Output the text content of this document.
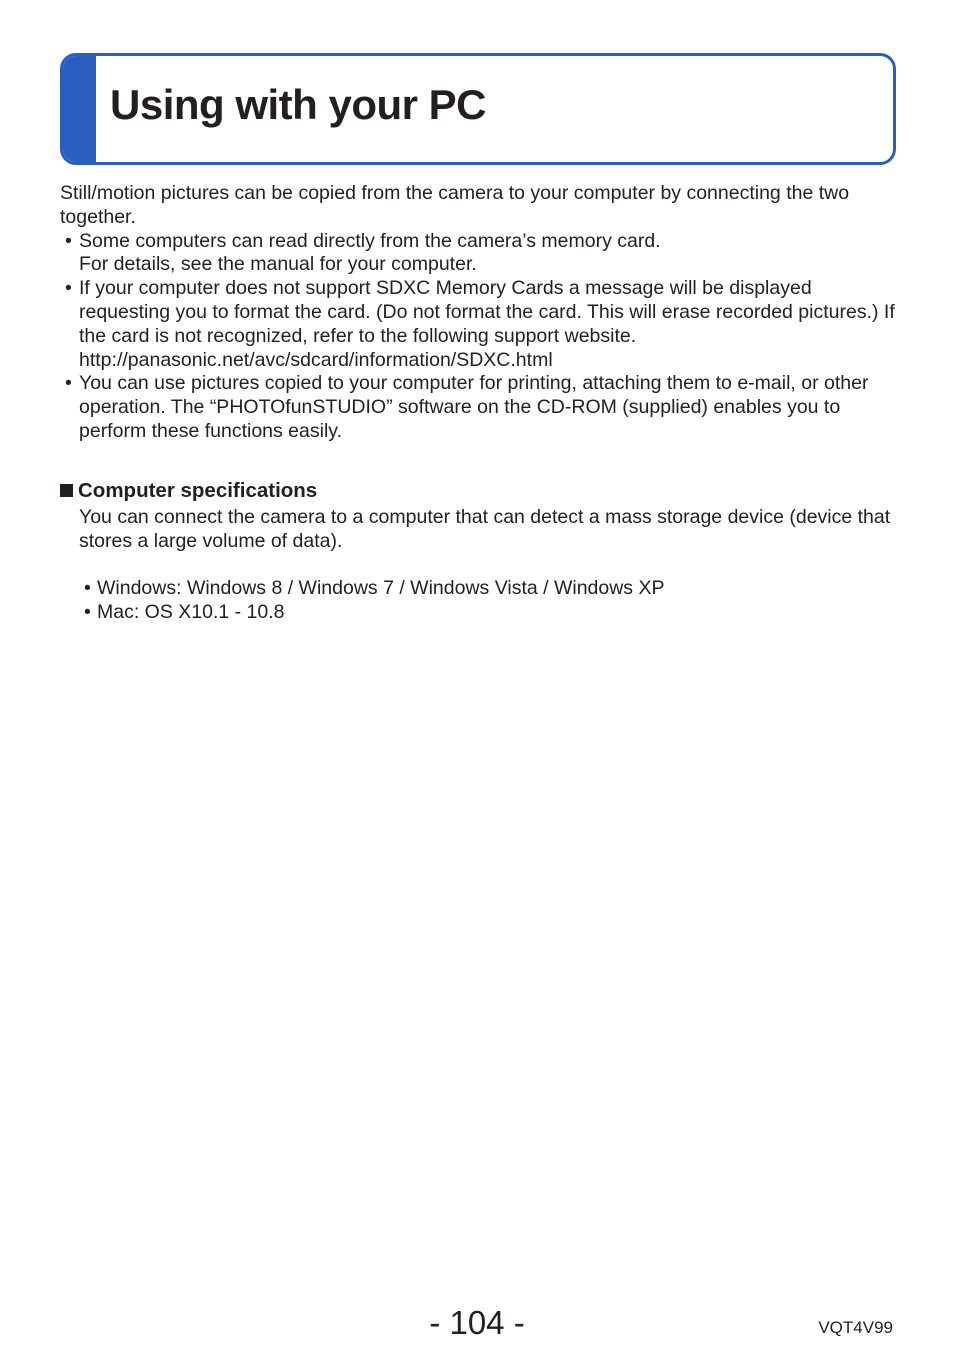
Using with your PC

Still/motion pictures can be copied from the camera to your computer by connecting the two together.

• Some computers can read directly from the camera’s memory card.
For details, see the manual for your computer.
• If your computer does not support SDXC Memory Cards a message will be displayed requesting you to format the card. (Do not format the card. This will erase recorded pictures.) If the card is not recognized, refer to the following support website.
http://panasonic.net/avc/sdcard/information/SDXC.html
• You can use pictures copied to your computer for printing, attaching them to e-mail, or other operation. The “PHOTOfunSTUDIO” software on the CD-ROM (supplied) enables you to perform these functions easily.
Computer specifications

You can connect the camera to a computer that can detect a mass storage device (device that stores a large volume of data).

• Windows: Windows 8 / Windows 7 / Windows Vista / Windows XP
• Mac: OS X10.1 - 10.8
- 104 -	VQT4V99
